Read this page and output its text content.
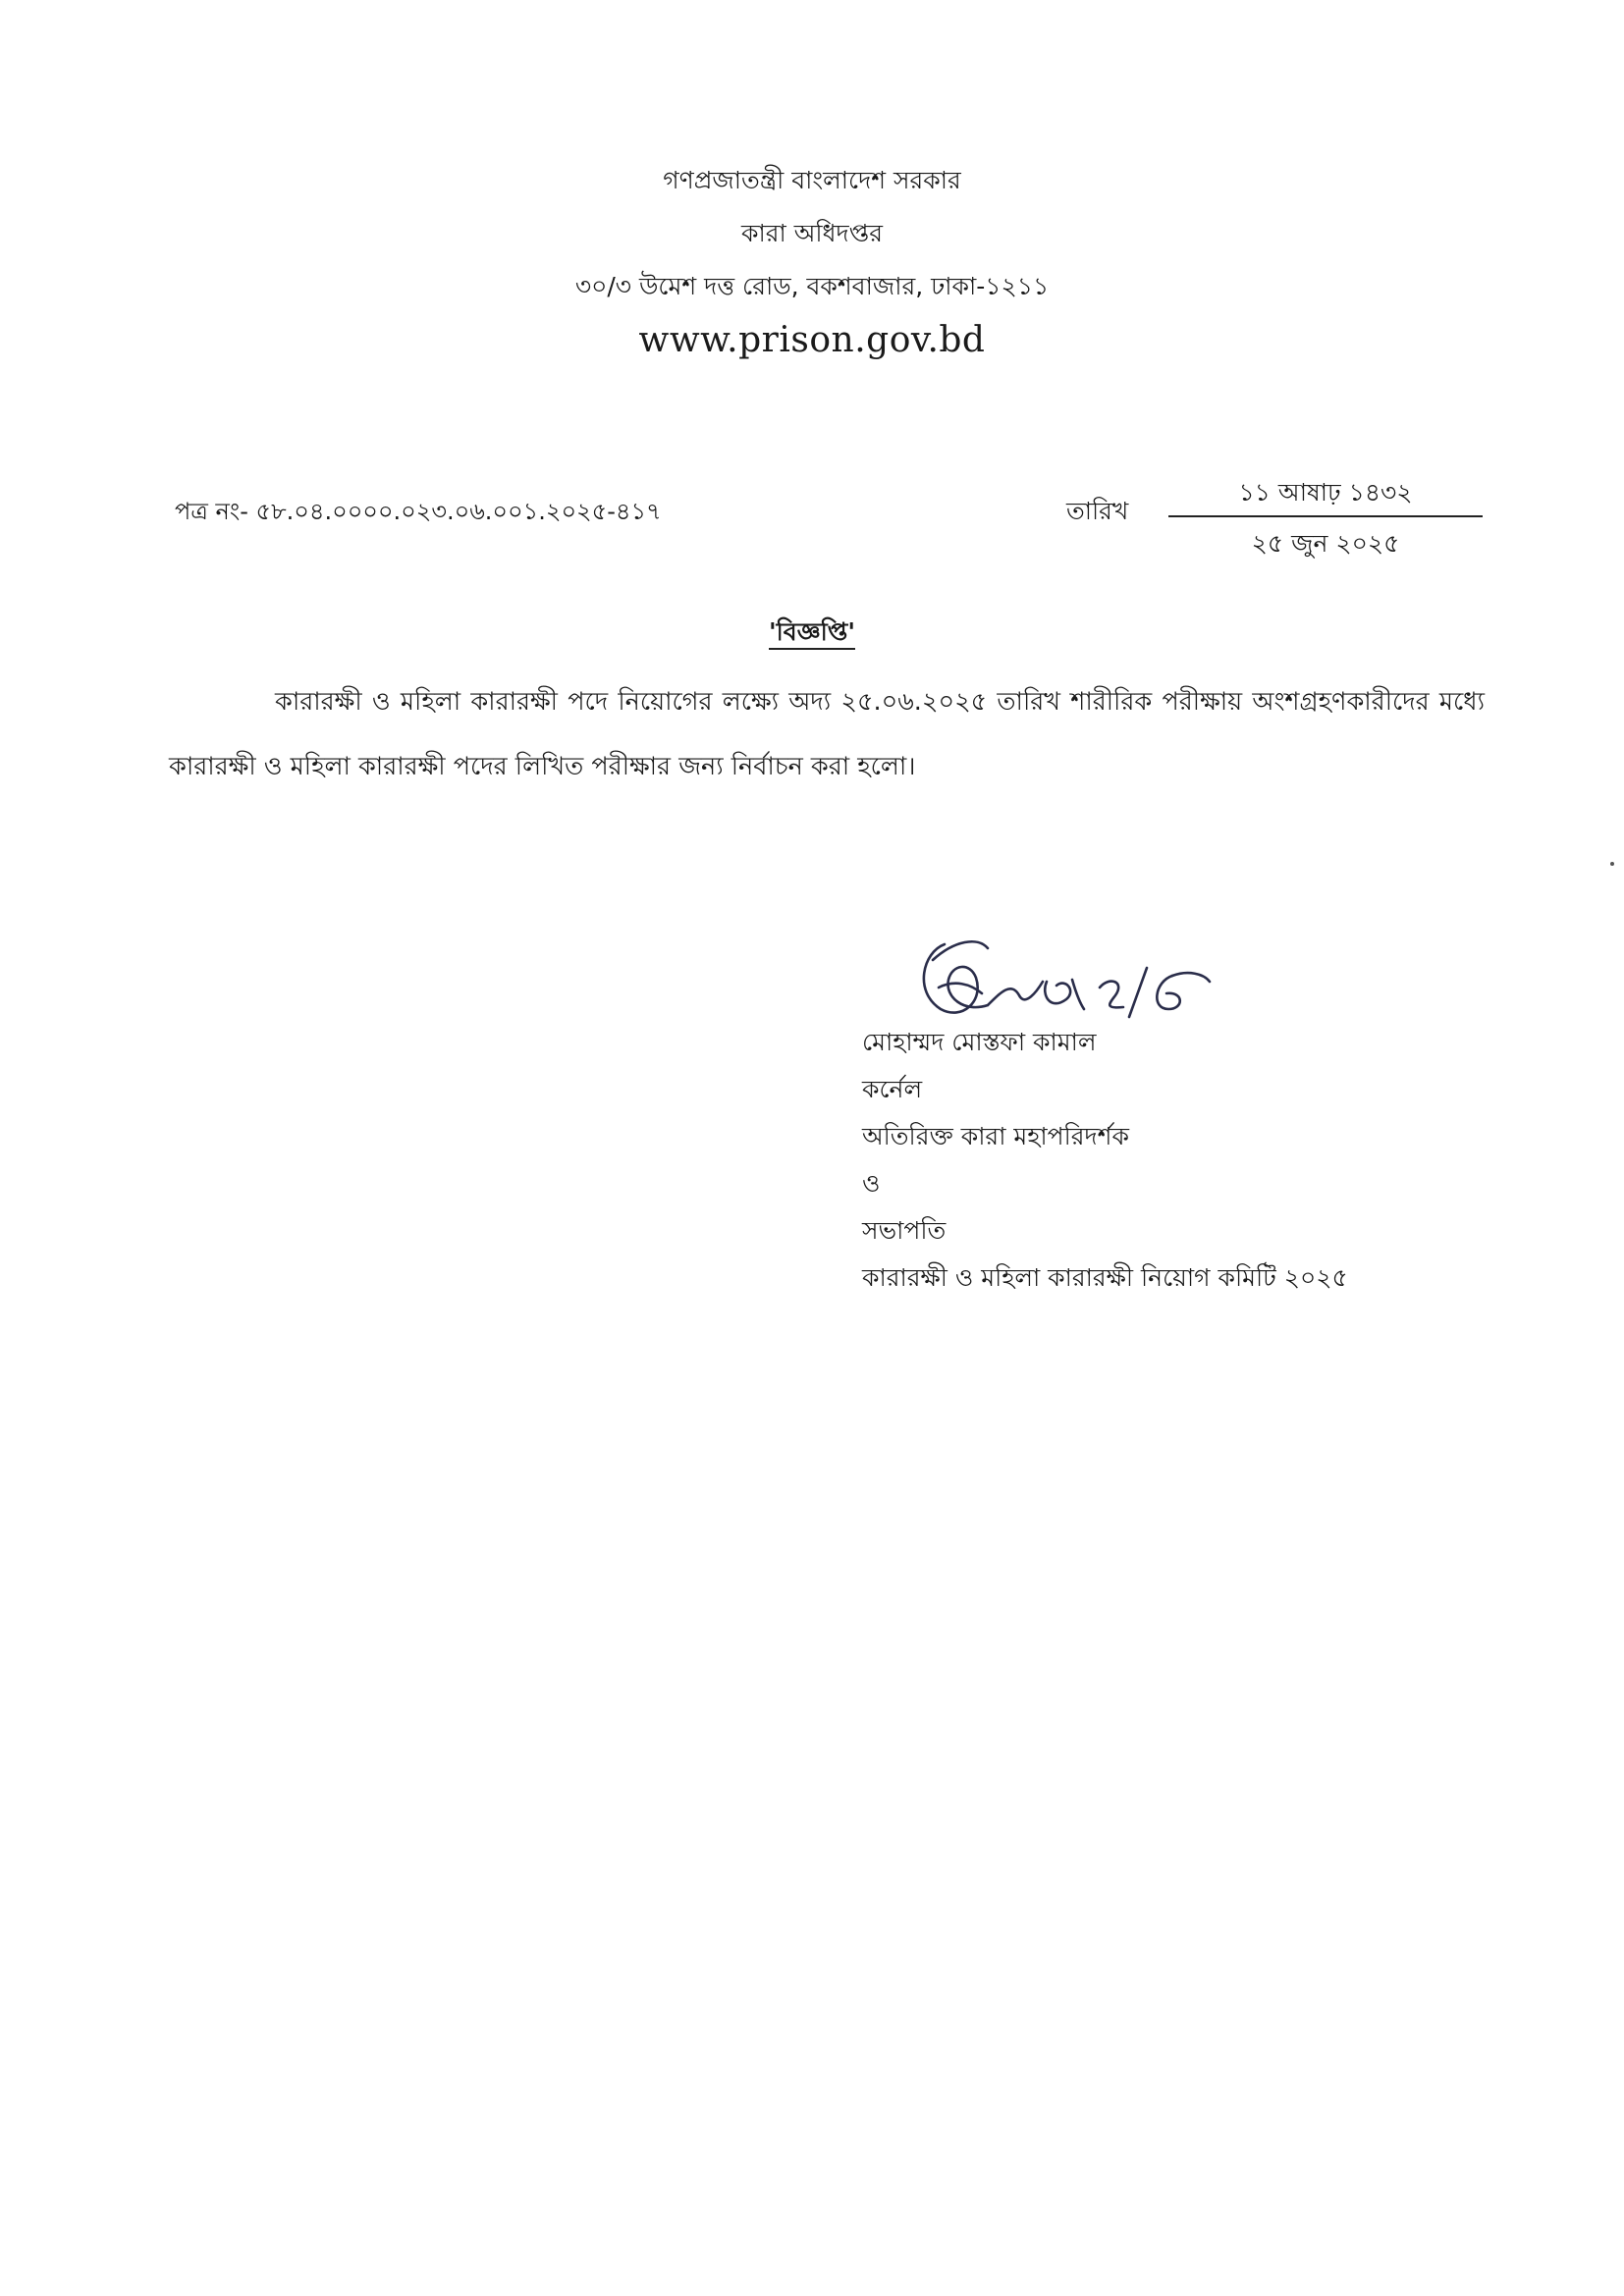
গণপ্রজাতন্ত্রী বাংলাদেশ সরকার
কারা অধিদপ্তর
৩০/৩ উমেশ দত্ত রোড, বকশবাজার, ঢাকা-১২১১
www.prison.gov.bd
পত্র নং- ৫৮.০৪.০০০০.০২৩.০৬.০০১.২০২৫-৪১৭	তারিখ
১১ আষাঢ় ১৪৩২
২৫ জুন ২০২৫
'বিজ্ঞপ্তি'
কারারক্ষী ও মহিলা কারারক্ষী পদে নিয়োগের লক্ষ্যে অদ্য ২৫.০৬.২০২৫ তারিখ শারীরিক পরীক্ষায় অংশগ্রহণকারীদের মধ্যে কারারক্ষী ও মহিলা কারারক্ষী পদের লিখিত পরীক্ষার জন্য নির্বাচন করা হলো।
মোহাম্মদ মোস্তফা কামাল
কর্নেল
অতিরিক্ত কারা মহাপরিদর্শক
ও
সভাপতি
কারারক্ষী ও মহিলা কারারক্ষী নিয়োগ কমিটি ২০২৫
